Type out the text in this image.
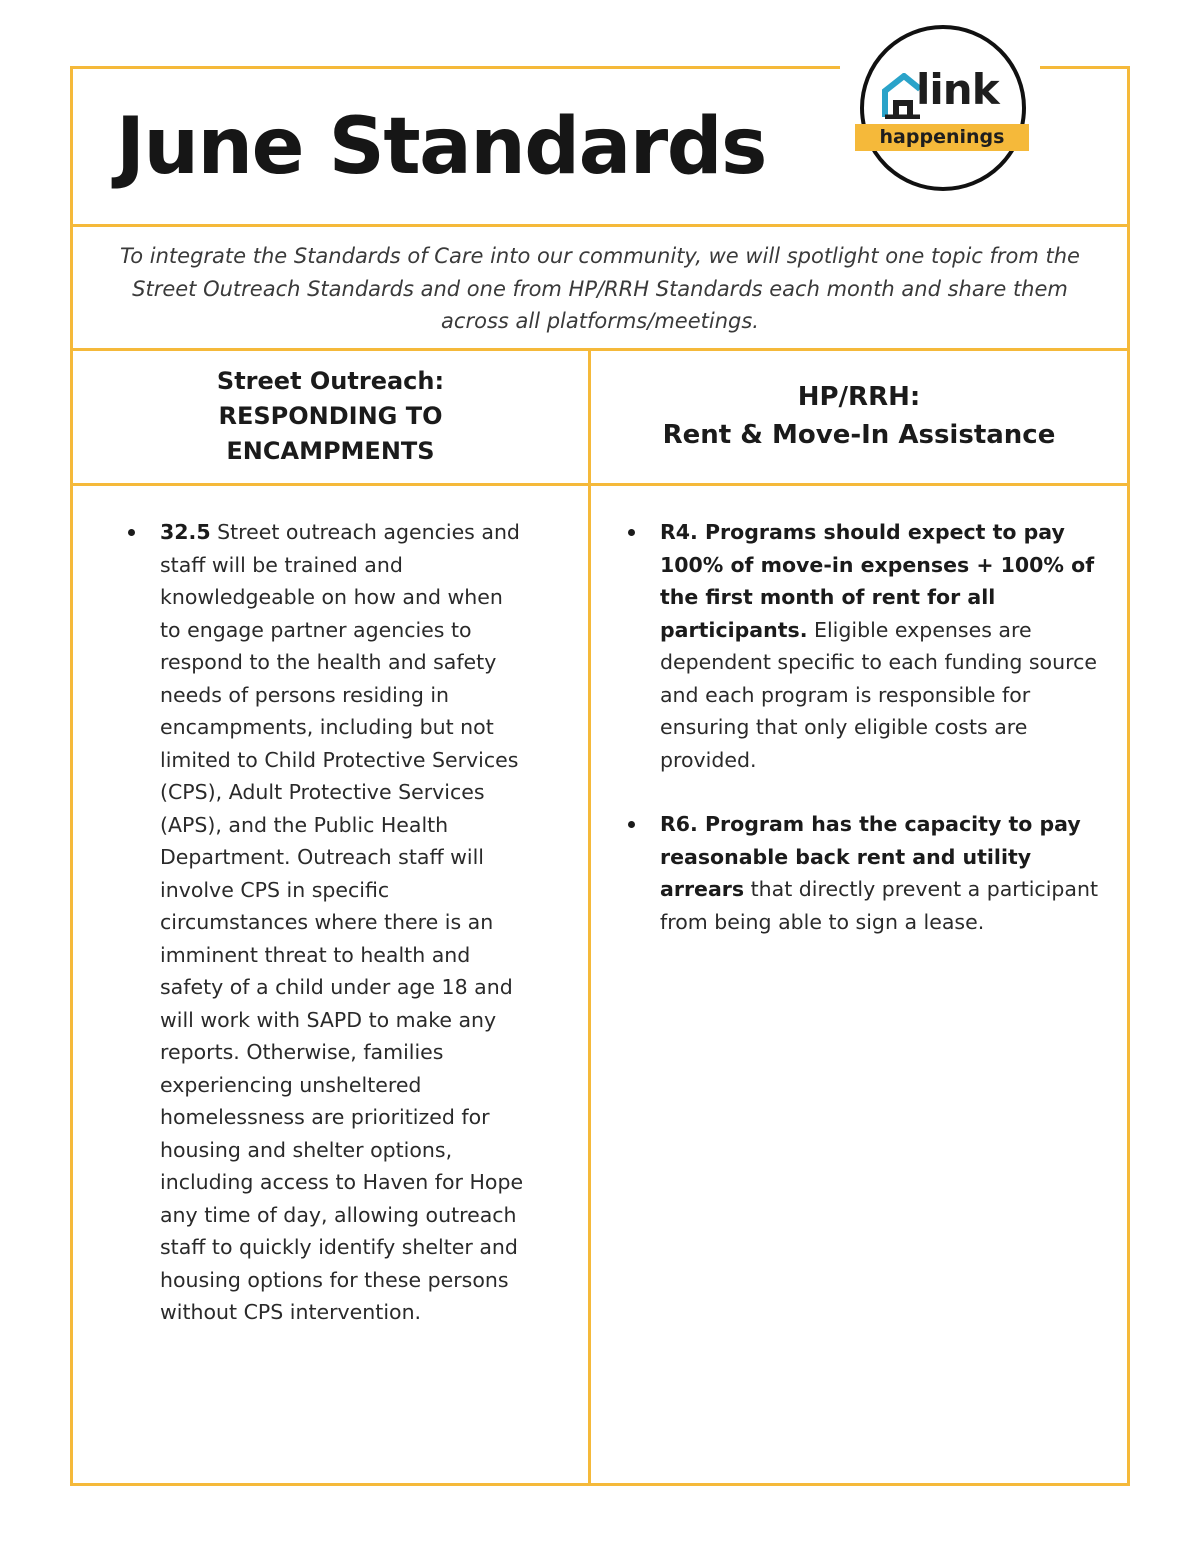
June Standards
link
happenings

To integrate the Standards of Care into our community, we will spotlight one topic from the Street Outreach Standards and one from HP/RRH Standards each month and share them across all platforms/meetings.

Street Outreach:
RESPONDING TO
ENCAMPMENTS
HP/RRH:
Rent & Move-In Assistance
32.5 Street outreach agencies and staff will be trained and knowledgeable on how and when to engage partner agencies to respond to the health and safety needs of persons residing in encampments, including but not limited to Child Protective Services (CPS), Adult Protective Services (APS), and the Public Health Department. Outreach staff will involve CPS in specific circumstances where there is an imminent threat to health and safety of a child under age 18 and will work with SAPD to make any reports. Otherwise, families experiencing unsheltered homelessness are prioritized for housing and shelter options, including access to Haven for Hope any time of day, allowing outreach staff to quickly identify shelter and housing options for these persons without CPS intervention.
R4. Programs should expect to pay 100% of move-in expenses + 100% of the first month of rent for all participants. Eligible expenses are dependent specific to each funding source and each program is responsible for ensuring that only eligible costs are provided.
R6. Program has the capacity to pay reasonable back rent and utility arrears that directly prevent a participant from being able to sign a lease.
